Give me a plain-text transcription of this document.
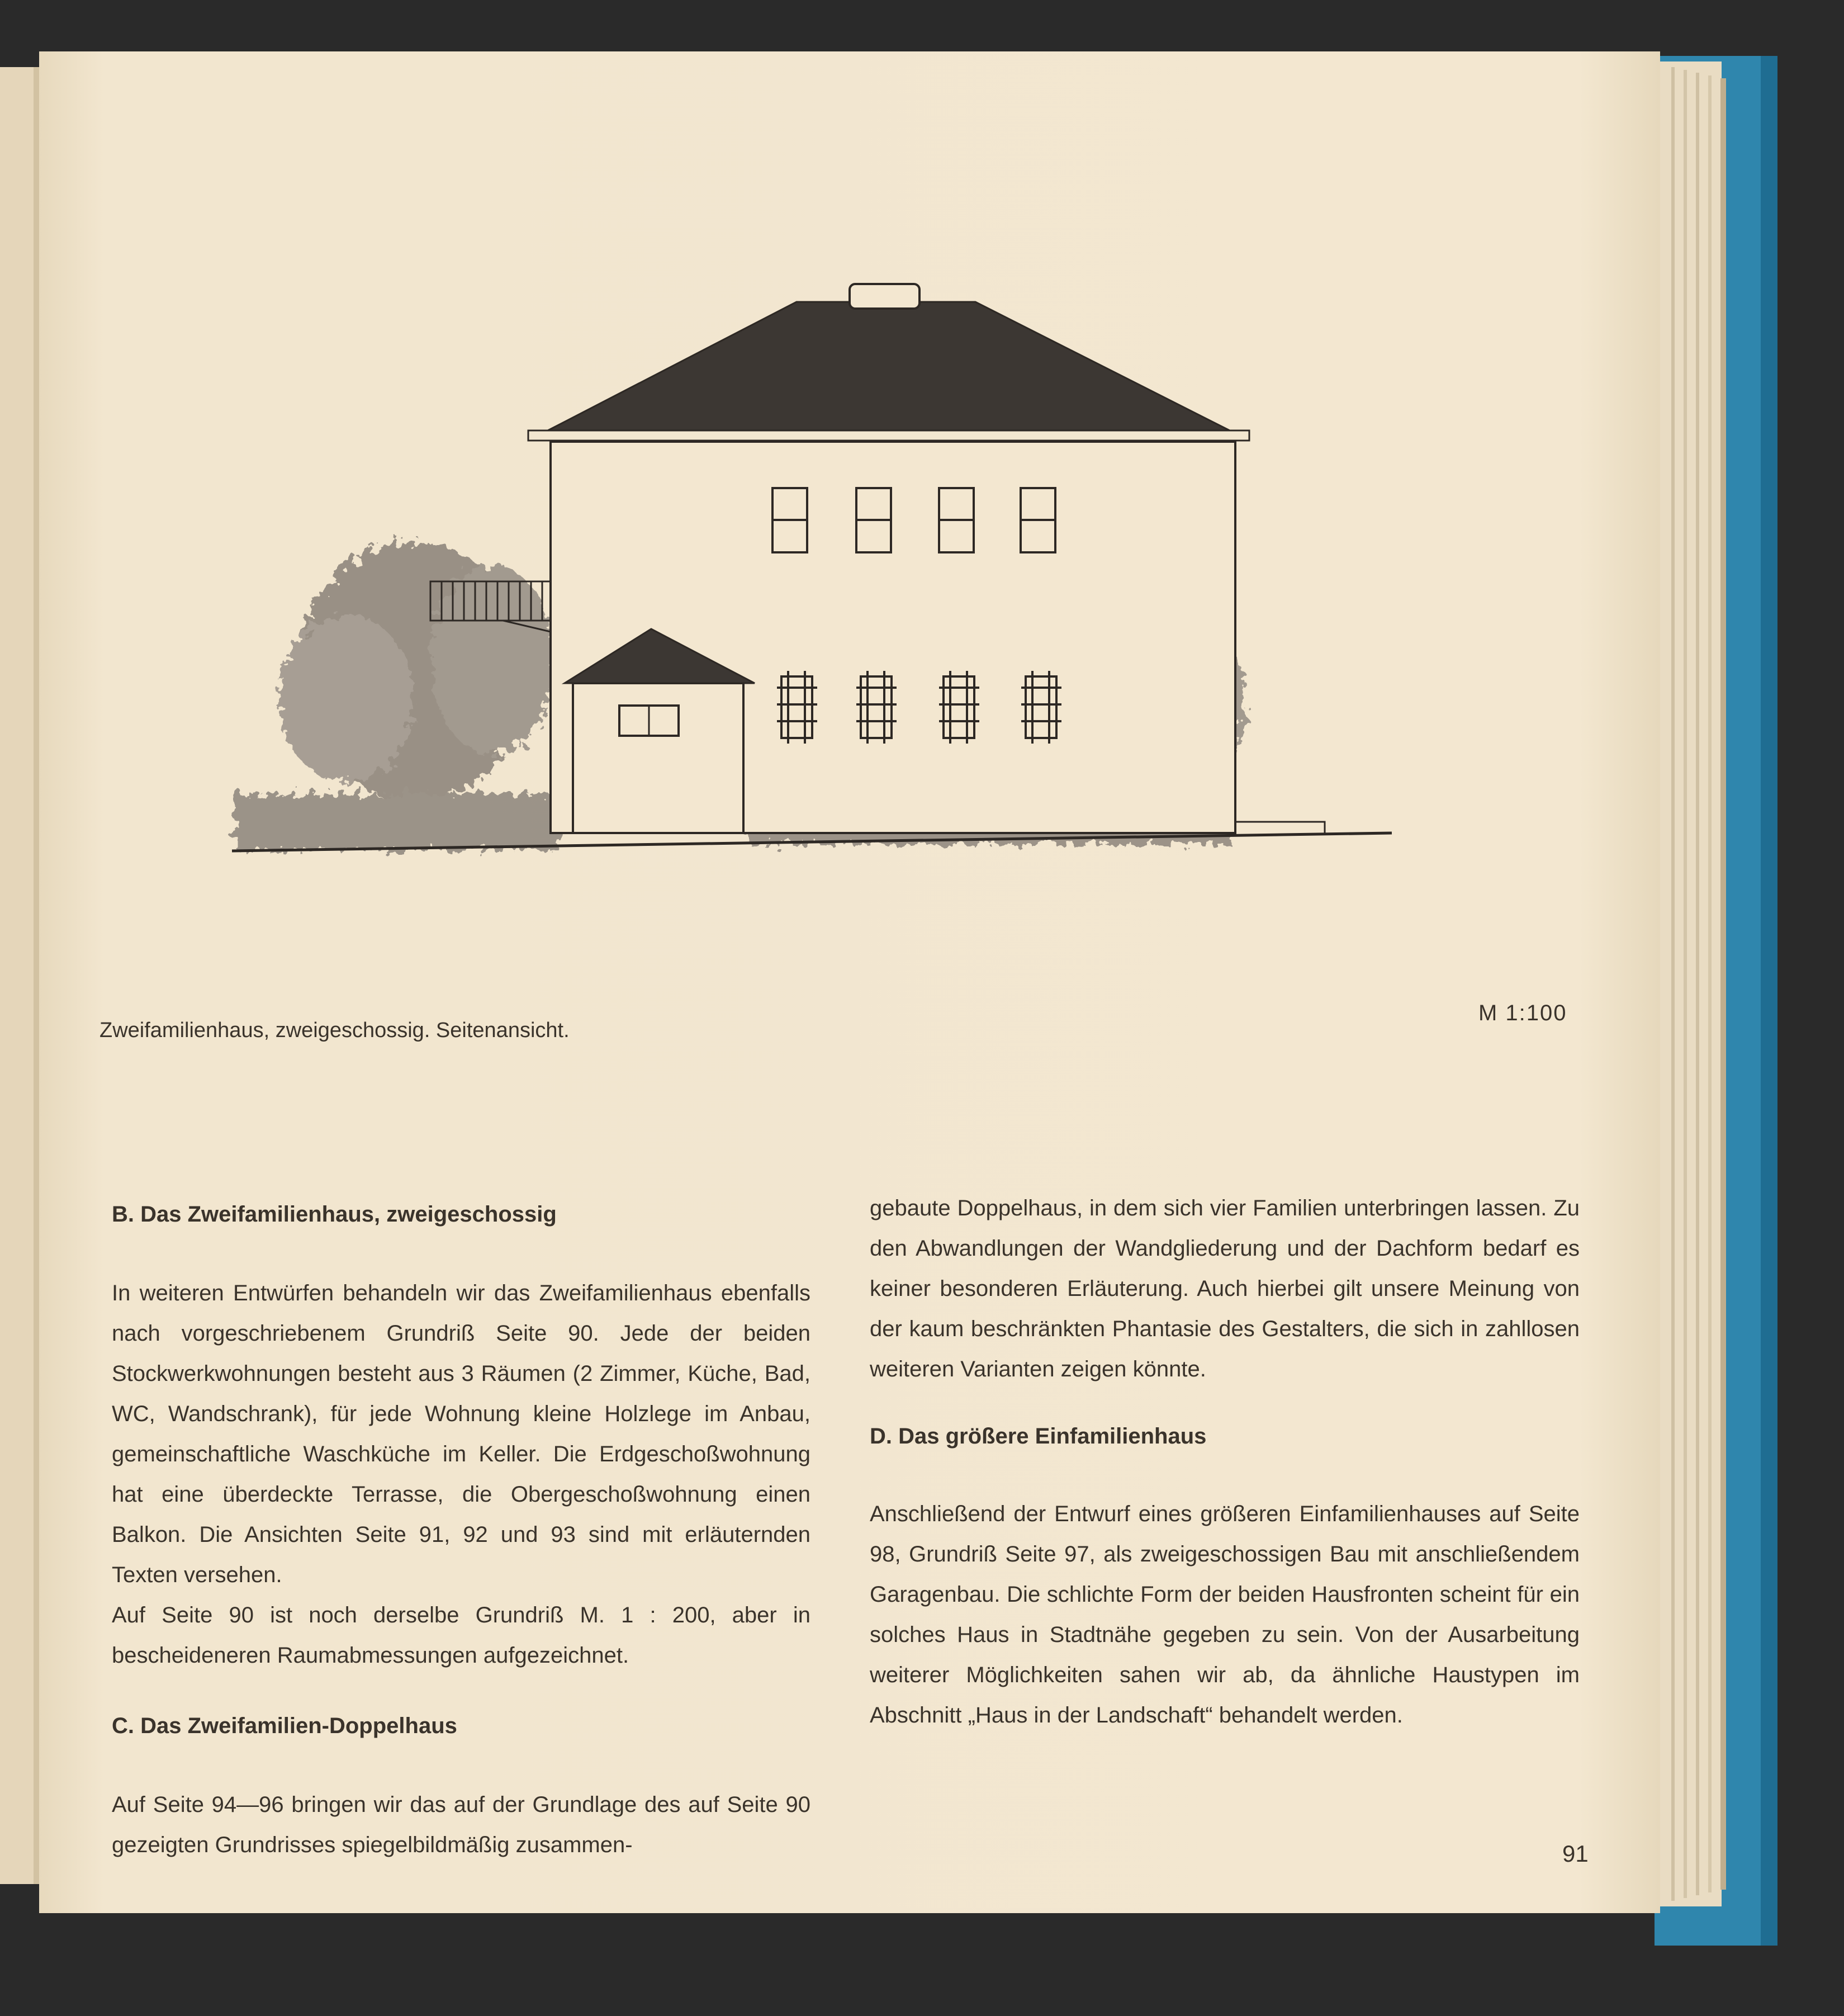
Zweifamilienhaus, zweigeschossig. Seitenansicht.
M 1:100
91
B. Das Zweifamilienhaus, zweigeschossig
In weiteren Entwürfen behandeln wir das Zweifamilienhaus ebenfalls nach vorgeschriebenem Grundriß Seite 90. Jede der beiden Stockwerkwohnungen besteht aus 3 Räumen (2 Zimmer, Küche, Bad, WC, Wandschrank), für jede Wohnung kleine Holzlege im Anbau, gemeinschaftliche Waschküche im Keller. Die Erdgeschoßwohnung hat eine überdeckte Terrasse, die Obergeschoßwohnung einen Balkon. Die Ansichten Seite 91, 92 und 93 sind mit erläuternden Texten versehen.
Auf Seite 90 ist noch derselbe Grundriß M. 1 : 200, aber in bescheideneren Raumabmessungen aufgezeichnet.
C. Das Zweifamilien-Doppelhaus
Auf Seite 94—96 bringen wir das auf der Grundlage des auf Seite 90 gezeigten Grundrisses spiegelbildmäßig zusammen-
gebaute Doppelhaus, in dem sich vier Familien unterbringen lassen. Zu den Abwandlungen der Wandgliederung und der Dachform bedarf es keiner besonderen Erläuterung. Auch hierbei gilt unsere Meinung von der kaum beschränkten Phantasie des Gestalters, die sich in zahllosen weiteren Varianten zeigen könnte.
D. Das größere Einfamilienhaus
Anschließend der Entwurf eines größeren Einfamilienhauses auf Seite 98, Grundriß Seite 97, als zweigeschossigen Bau mit anschließendem Garagenbau. Die schlichte Form der beiden Hausfronten scheint für ein solches Haus in Stadtnähe gegeben zu sein. Von der Ausarbeitung weiterer Möglichkeiten sahen wir ab, da ähnliche Haustypen im Abschnitt „Haus in der Landschaft“ behandelt werden.
